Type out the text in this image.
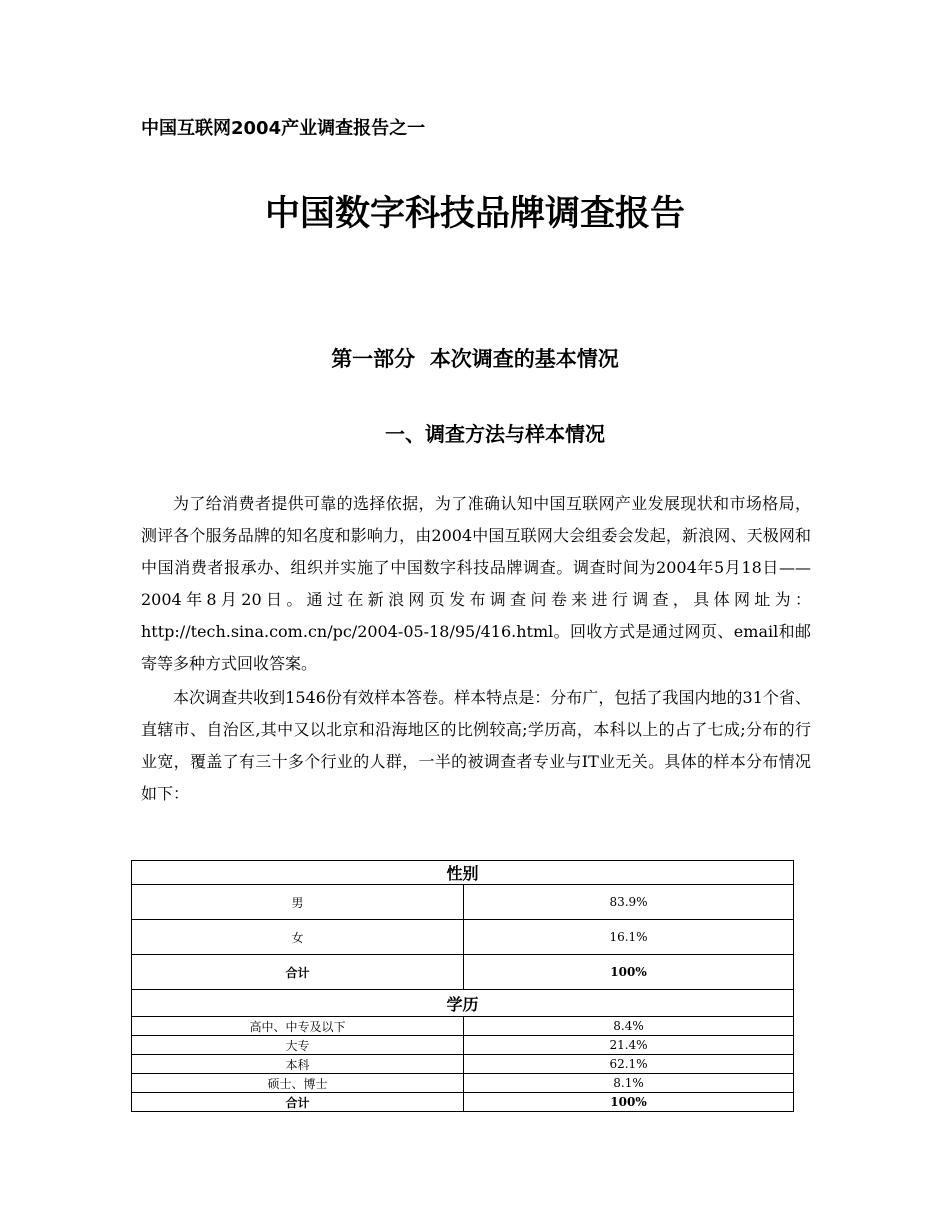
中国互联网2004产业调查报告之一
中国数字科技品牌调查报告
第一部分  本次调查的基本情况
一、调查方法与样本情况

为了给消费者提供可靠的选择依据，为了准确认知中国互联网产业发展现状和市场格局，测评各个服务品牌的知名度和影响力，由2004中国互联网大会组委会发起，新浪网、天极网和中国消费者报承办、组织并实施了中国数字科技品牌调查。调查时间为2004年5月18日——2004年8月20日。通过在新浪网页发布调查问卷来进行调查，具体网址为：http://tech.sina.com.cn/pc/2004-05-18/95/416.html。回收方式是通过网页、email和邮寄等多种方式回收答案。

本次调查共收到1546份有效样本答卷。样本特点是：分布广，包括了我国内地的31个省、直辖市、自治区,其中又以北京和沿海地区的比例较高;学历高，本科以上的占了七成;分布的行业宽，覆盖了有三十多个行业的人群，一半的被调查者专业与IT业无关。具体的样本分布情况如下：

性别	
男	83.9%
女	16.1%
合计	100%
学历	
高中、中专及以下	8.4%
大专	21.4%
本科	62.1%
硕士、博士	8.1%
合计	100%
